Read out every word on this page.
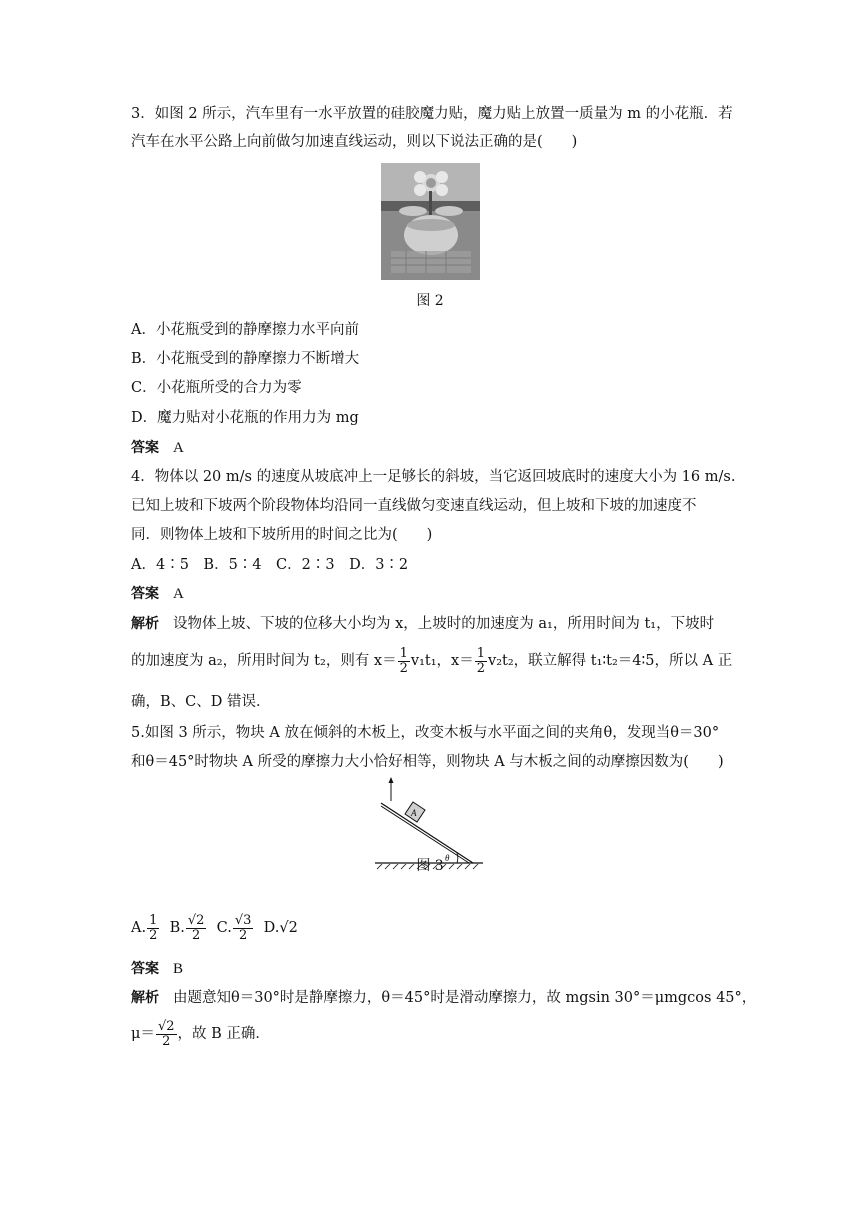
3．如图 2 所示，汽车里有一水平放置的硅胶魔力贴，魔力贴上放置一质量为 m 的小花瓶．若
汽车在水平公路上向前做匀加速直线运动，则以下说法正确的是(　　)
图 2
A．小花瓶受到的静摩擦力水平向前
B．小花瓶受到的静摩擦力不断增大
C．小花瓶所受的合力为零
D．魔力贴对小花瓶的作用力为 mg
答案 A
4．物体以 20 m/s 的速度从坡底冲上一足够长的斜坡，当它返回坡底时的速度大小为 16 m/s.
已知上坡和下坡两个阶段物体均沿同一直线做匀变速直线运动，但上坡和下坡的加速度不
同．则物体上坡和下坡所用的时间之比为(　　)
A．4∶5　B．5∶4　C．2∶3　D．3∶2
答案 A
解析 设物体上坡、下坡的位移大小均为 x，上坡时的加速度为 a₁，所用时间为 t₁，下坡时
的加速度为 a₂，所用时间为 t₂，则有 $x= \frac{1}{2} v_1t_1$，$x= \frac{1}{2} v_2t_2$，联立解得 t₁∶t₂＝4∶5，所以 A 正
确，B、C、D 错误．
5.如图 3 所示，物块 A 放在倾斜的木板上，改变木板与水平面之间的夹角θ，发现当θ＝30°
和θ＝45°时物块 A 所受的摩擦力大小恰好相等，则物块 A 与木板之间的动摩擦因数为(　　)
A
θ
图 3
A. $\frac{1}{2} B$. $\frac{√2}{2} C$. $\frac{√3}{2} D.√2$
答案 B
解析 由题意知θ＝30°时是静摩擦力，θ＝45°时是滑动摩擦力，故 mgsin 30°＝μmgcos 45°，
$\mu= \frac{√2}{2}$ ，故 B 正确．
